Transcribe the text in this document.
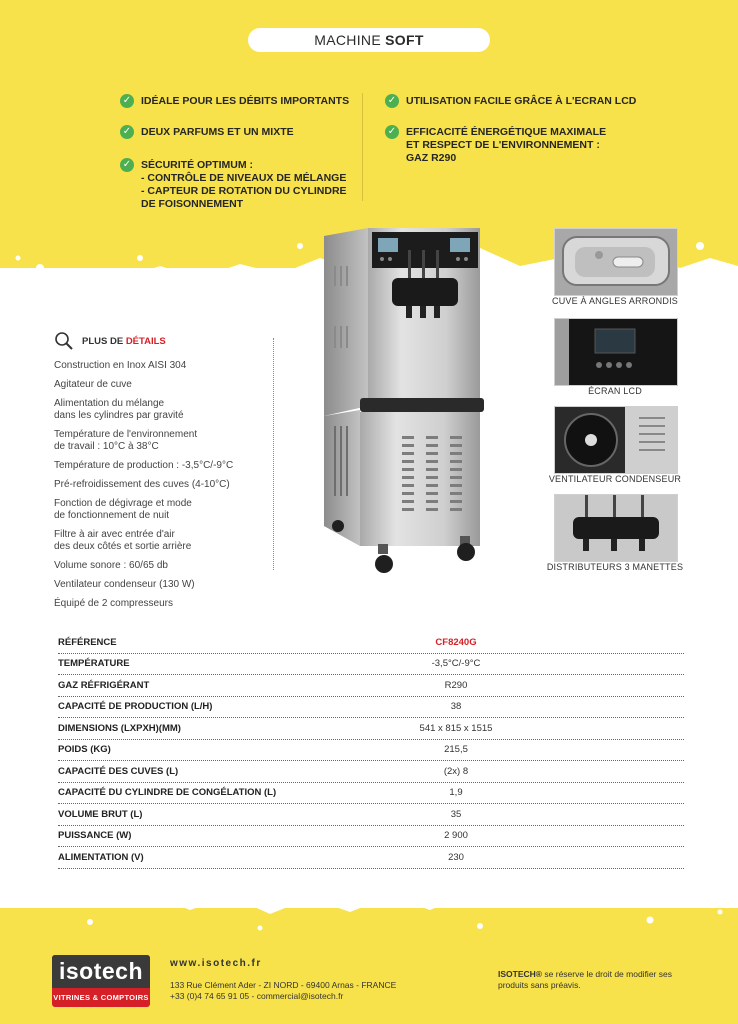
MACHINE SOFT
✓ IDÉALE POUR LES DÉBITS IMPORTANTS
✓ DEUX PARFUMS ET UN MIXTE
✓ SÉCURITÉ OPTIMUM :
- CONTRÔLE DE NIVEAUX DE MÉLANGE
- CAPTEUR DE ROTATION DU CYLINDRE
DE FOISONNEMENT
✓ UTILISATION FACILE GRÂCE À L'ECRAN LCD
✓ EFFICACITÉ ÉNERGÉTIQUE MAXIMALE
ET RESPECT DE L'ENVIRONNEMENT :
GAZ R290
CUVE À ANGLES ARRONDIS
ÉCRAN LCD
VENTILATEUR CONDENSEUR
DISTRIBUTEURS 3 MANETTES
PLUS DE DÉTAILS
Construction en Inox AISI 304
Agitateur de cuve
Alimentation du mélange
dans les cylindres par gravité
Température de l'environnement
de travail : 10°C à 38°C
Température de production : -3,5°C/-9°C
Pré-refroidissement des cuves (4-10°C)
Fonction de dégivrage et mode
de fonctionnement de nuit
Filtre à air avec entrée d'air
des deux côtés et sortie arrière
Volume sonore : 60/65 db
Ventilateur condenseur (130 W)
Équipé de 2 compresseurs
RÉFÉRENCE	CF8240G
TEMPÉRATURE	-3,5°C/-9°C
GAZ RÉFRIGÉRANT	R290
CAPACITÉ DE PRODUCTION (L/H)	38
DIMENSIONS (LXPXH)(MM)	541 x 815 x 1515
POIDS (KG)	215,5
CAPACITÉ DES CUVES (L)	(2x) 8
CAPACITÉ DU CYLINDRE DE CONGÉLATION (L)	1,9
VOLUME BRUT (L)	35
PUISSANCE (W)	2 900
ALIMENTATION (V)	230
isotech
VITRINES & COMPTOIRS
www.isotech.fr
133 Rue Clément Ader - ZI NORD - 69400 Arnas - FRANCE
+33 (0)4 74 65 91 05 - commercial@isotech.fr
ISOTECH® se réserve le droit de modifier ses produits sans préavis.
